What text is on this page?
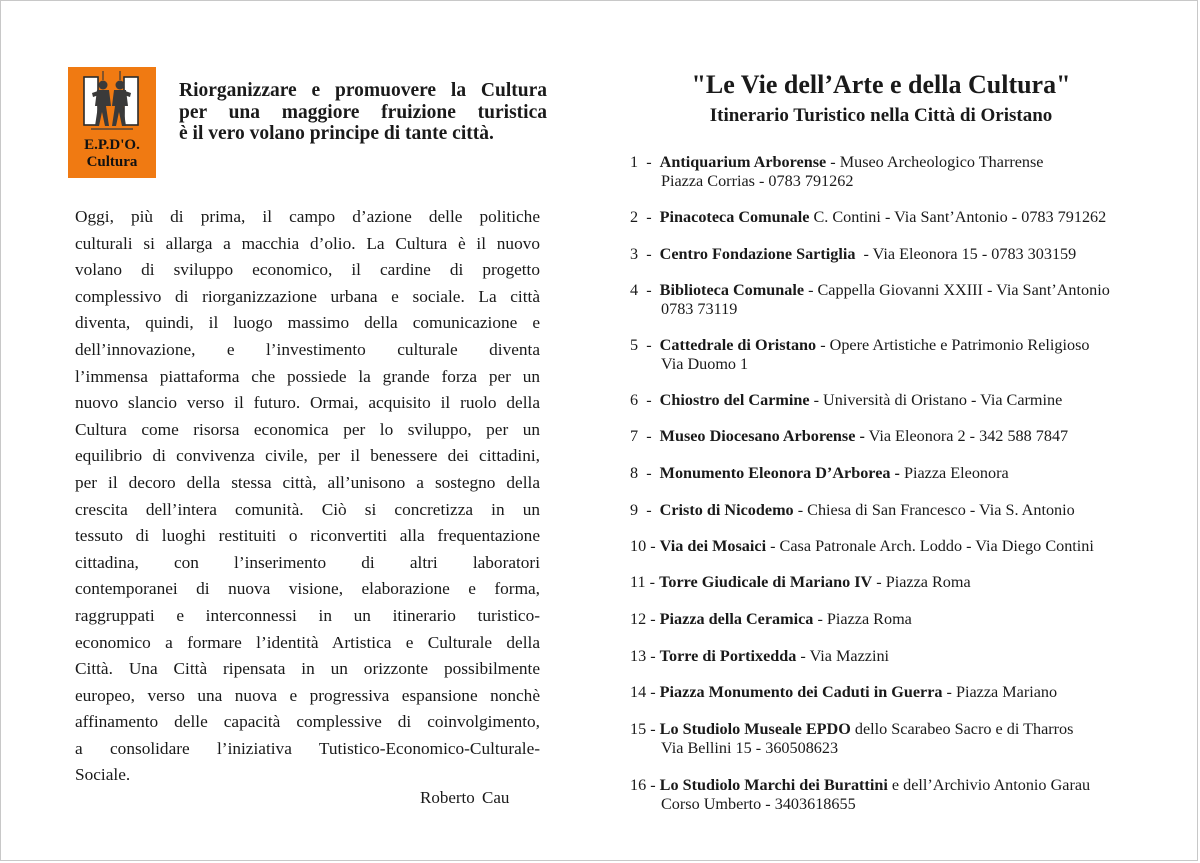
E.P.D'O.
Cultura
Riorganizzare e promuovere la Cultura
per una maggiore fruizione turistica
è il vero volano principe di tante città.
Oggi, più di prima, il campo d’azione delle politiche
culturali si allarga a macchia d’olio. La Cultura è il nuovo
volano di sviluppo economico, il cardine di progetto
complessivo di riorganizzazione urbana e sociale. La città
diventa, quindi, il luogo massimo della comunicazione e
dell’innovazione, e l’investimento culturale diventa
l’immensa piattaforma che possiede la grande forza per un
nuovo slancio verso il futuro. Ormai, acquisito il ruolo della
Cultura come risorsa economica per lo sviluppo, per un
equilibrio di convivenza civile, per il benessere dei cittadini,
per il decoro della stessa città, all’unisono a sostegno della
crescita dell’intera comunità. Ciò si concretizza in un
tessuto di luoghi restituiti o riconvertiti alla frequentazione
cittadina, con l’inserimento di altri laboratori
contemporanei di nuova visione, elaborazione e forma,
raggruppati e interconnessi in un itinerario turistico-
economico a formare l’identità Artistica e Culturale della
Città. Una Città ripensata in un orizzonte possibilmente
europeo, verso una nuova e progressiva espansione nonchè
affinamento delle capacità complessive di coinvolgimento,
a consolidare l’iniziativa Tutistico-Economico-Culturale-
Sociale.
Roberto Cau
"Le Vie dell’Arte e della Cultura"
Itinerario Turistico nella Città di Oristano
1  -  Antiquarium Arborense - Museo Archeologico Tharrense
Piazza Corrias - 0783 791262
2  -  Pinacoteca Comunale C. Contini - Via Sant’Antonio - 0783 791262
3  -  Centro Fondazione Sartiglia  - Via Eleonora 15 - 0783 303159
4  -  Biblioteca Comunale - Cappella Giovanni XXIII - Via Sant’Antonio
0783 73119
5  -  Cattedrale di Oristano - Opere Artistiche e Patrimonio Religioso
Via Duomo 1
6  -  Chiostro del Carmine - Università di Oristano - Via Carmine
7  -  Museo Diocesano Arborense - Via Eleonora 2 - 342 588 7847
8  -  Monumento Eleonora D’Arborea - Piazza Eleonora
9  -  Cristo di Nicodemo - Chiesa di San Francesco - Via S. Antonio
10 - Via dei Mosaici - Casa Patronale Arch. Loddo - Via Diego Contini
11 - Torre Giudicale di Mariano IV - Piazza Roma
12 - Piazza della Ceramica - Piazza Roma
13 - Torre di Portixedda - Via Mazzini
14 - Piazza Monumento dei Caduti in Guerra - Piazza Mariano
15 - Lo Studiolo Museale EPDO dello Scarabeo Sacro e di Tharros
Via Bellini 15 - 360508623
16 - Lo Studiolo Marchi dei Burattini e dell’Archivio Antonio Garau
Corso Umberto - 3403618655
